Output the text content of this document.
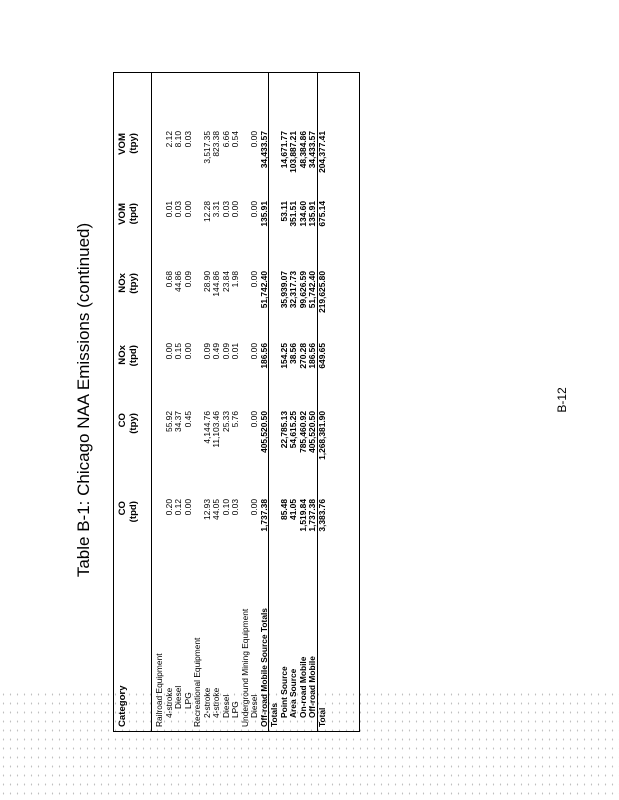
Table B-1: Chicago NAA Emissions (continued)
Category
CO
(tpd)
CO
(tpy)
NOx
(tpd)
NOx
(tpy)
VOM
(tpd)
VOM
(tpy)
Railroad Equipment 4-stroke
0.20
55.92
0.00
0.68
0.01
2.12
Diesel
0.12
34.37
0.15
44.86
0.03
8.10
LPG
0.00
0.45
0.00
0.09
0.00
0.03
Recreational Equipment 2-stroke
12.93
4,144.76
0.09
28.90
12.28
3,517.35
4-stroke
44.05
11,103.46
0.49
144.86
3.31
823.38
Diesel
0.10
25.33
0.09
23.84
0.03
6.66
LPG
0.03
5.76
0.01
1.98
0.00
0.54
Underground Mining Equipment Diesel
0.00
0.00
0.00
0.00
0.00
0.00
Off-road Mobile Source Totals
1,737.38
405,520.50
186.56
51,742.40
135.91
34,433.57
Totals Point Source
85.48
22,785.13
154.25
35,939.07
53.11
14,671.77
Area Source
41.05
54,615.25
38.56
32,317.73
351.51
103,887.21
On-road Mobile
1,519.84
785,460.92
270.28
99,626.59
134.60
48,384.86
Off-road Mobile
1,737.38
405,520.50
186.56
51,742.40
135.91
34,433.57
Total
3,383.76
1,268,381.90
649.65
219,625.80
675.14
204,377.41
B-12
